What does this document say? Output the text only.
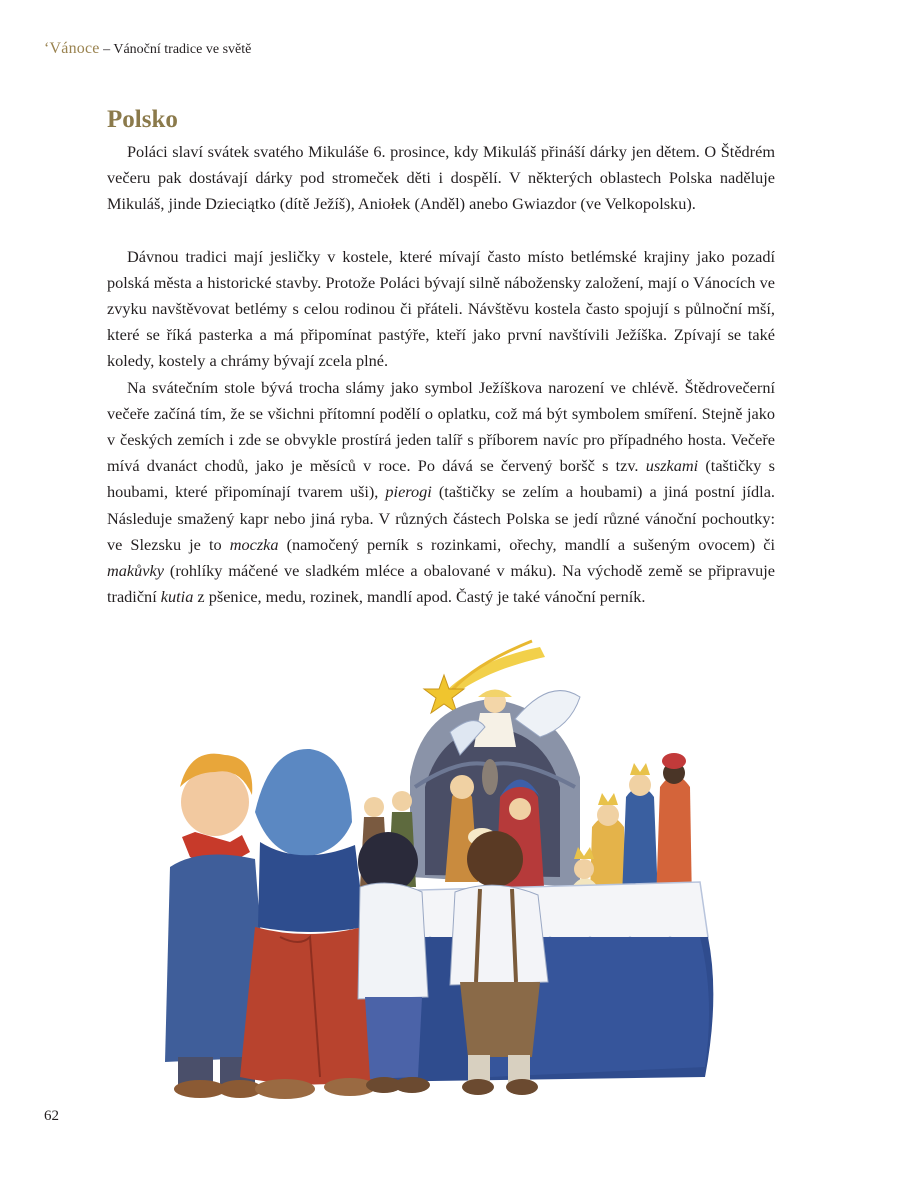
‘Vánoce – Vánoční tradice ve světě
Polsko

Poláci slaví svátek svatého Mikuláše 6. prosince, kdy Mikuláš přináší dárky jen dětem. O Štědrém večeru pak dostávají dárky pod stromeček děti i dospělí. V některých oblastech Polska naděluje Mikuláš, jinde Dzieciątko (dítě Ježíš), Aniołek (Anděl) anebo Gwiazdor (ve Velkopolsku).

Dávnou tradici mají jesličky v kostele, které mívají často místo betlémské krajiny jako pozadí polská města a historické stavby. Protože Poláci bývají silně nábožensky založení, mají o Vánocích ve zvyku navštěvovat betlémy s celou rodinou či přáteli. Návštěvu kostela často spojují s půlnoční mší, které se říká pasterka a má připomínat pastýře, kteří jako první navštívili Ježíška. Zpívají se také koledy, kostely a chrámy bývají zcela plné.

Na svátečním stole bývá trocha slámy jako symbol Ježíškova narození ve chlévě. Štědrovečerní večeře začíná tím, že se všichni přítomní podělí o oplatku, což má být symbolem smíření. Stejně jako v českých zemích i zde se obvykle prostírá jeden talíř s příborem navíc pro případného hosta. Večeře mívá dvanáct chodů, jako je měsíců v roce. Po dává se červený boršč s tzv. uszkami (taštičky s houbami, které připomínají tvarem uši), pierogi (taštičky se zelím a houbami) a jiná postní jídla. Následuje smažený kapr nebo jiná ryba. V různých částech Polska se jedí různé vánoční pochoutky: ve Slezsku je to moczka (namočený perník s rozinkami, ořechy, mandlí a sušeným ovocem) či makůvky (rohlíky máčené ve sladkém mléce a obalované v máku). Na východě země se připravuje tradiční kutia z pšenice, medu, rozinek, mandlí apod. Častý je také vánoční perník.

62
